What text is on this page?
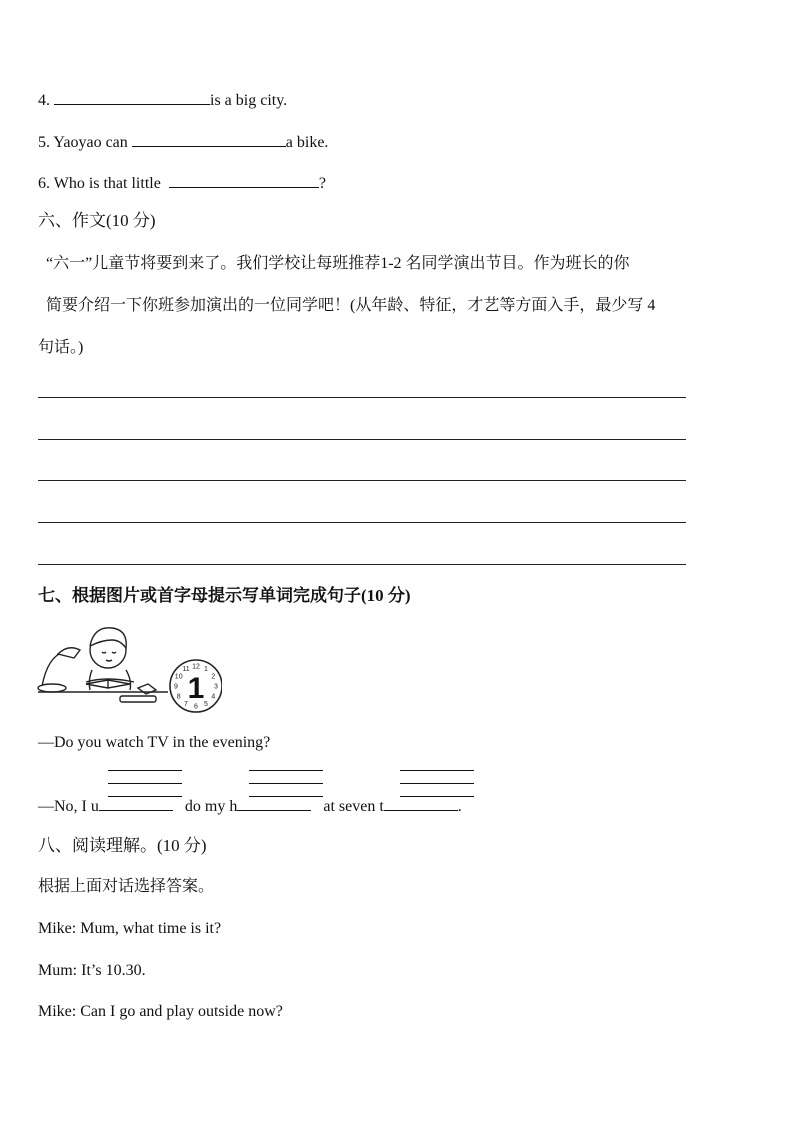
4.	is a big city.
5. Yaoyao can	a bike.
6. Who is that little	?
六、作文(10 分)
“六一”儿童节将要到来了。我们学校让每班推荐1-2 名同学演出节目。作为班长的你
简要介绍一下你班参加演出的一位同学吧！(从年龄、特征，才艺等方面入手，最少写 4
句话。)
七、根据图片或首字母提示写单词完成句子(10 分)
12 1
2
3
4
5
6
7
8
9
10
11
1
—Do you watch TV in the evening?
—No, I u	do my h	at seven t	.
八、阅读理解。(10 分)
根据上面对话选择答案。
Mike: Mum, what time is it?
Mum: It’s 10.30.
Mike: Can I go and play outside now?
